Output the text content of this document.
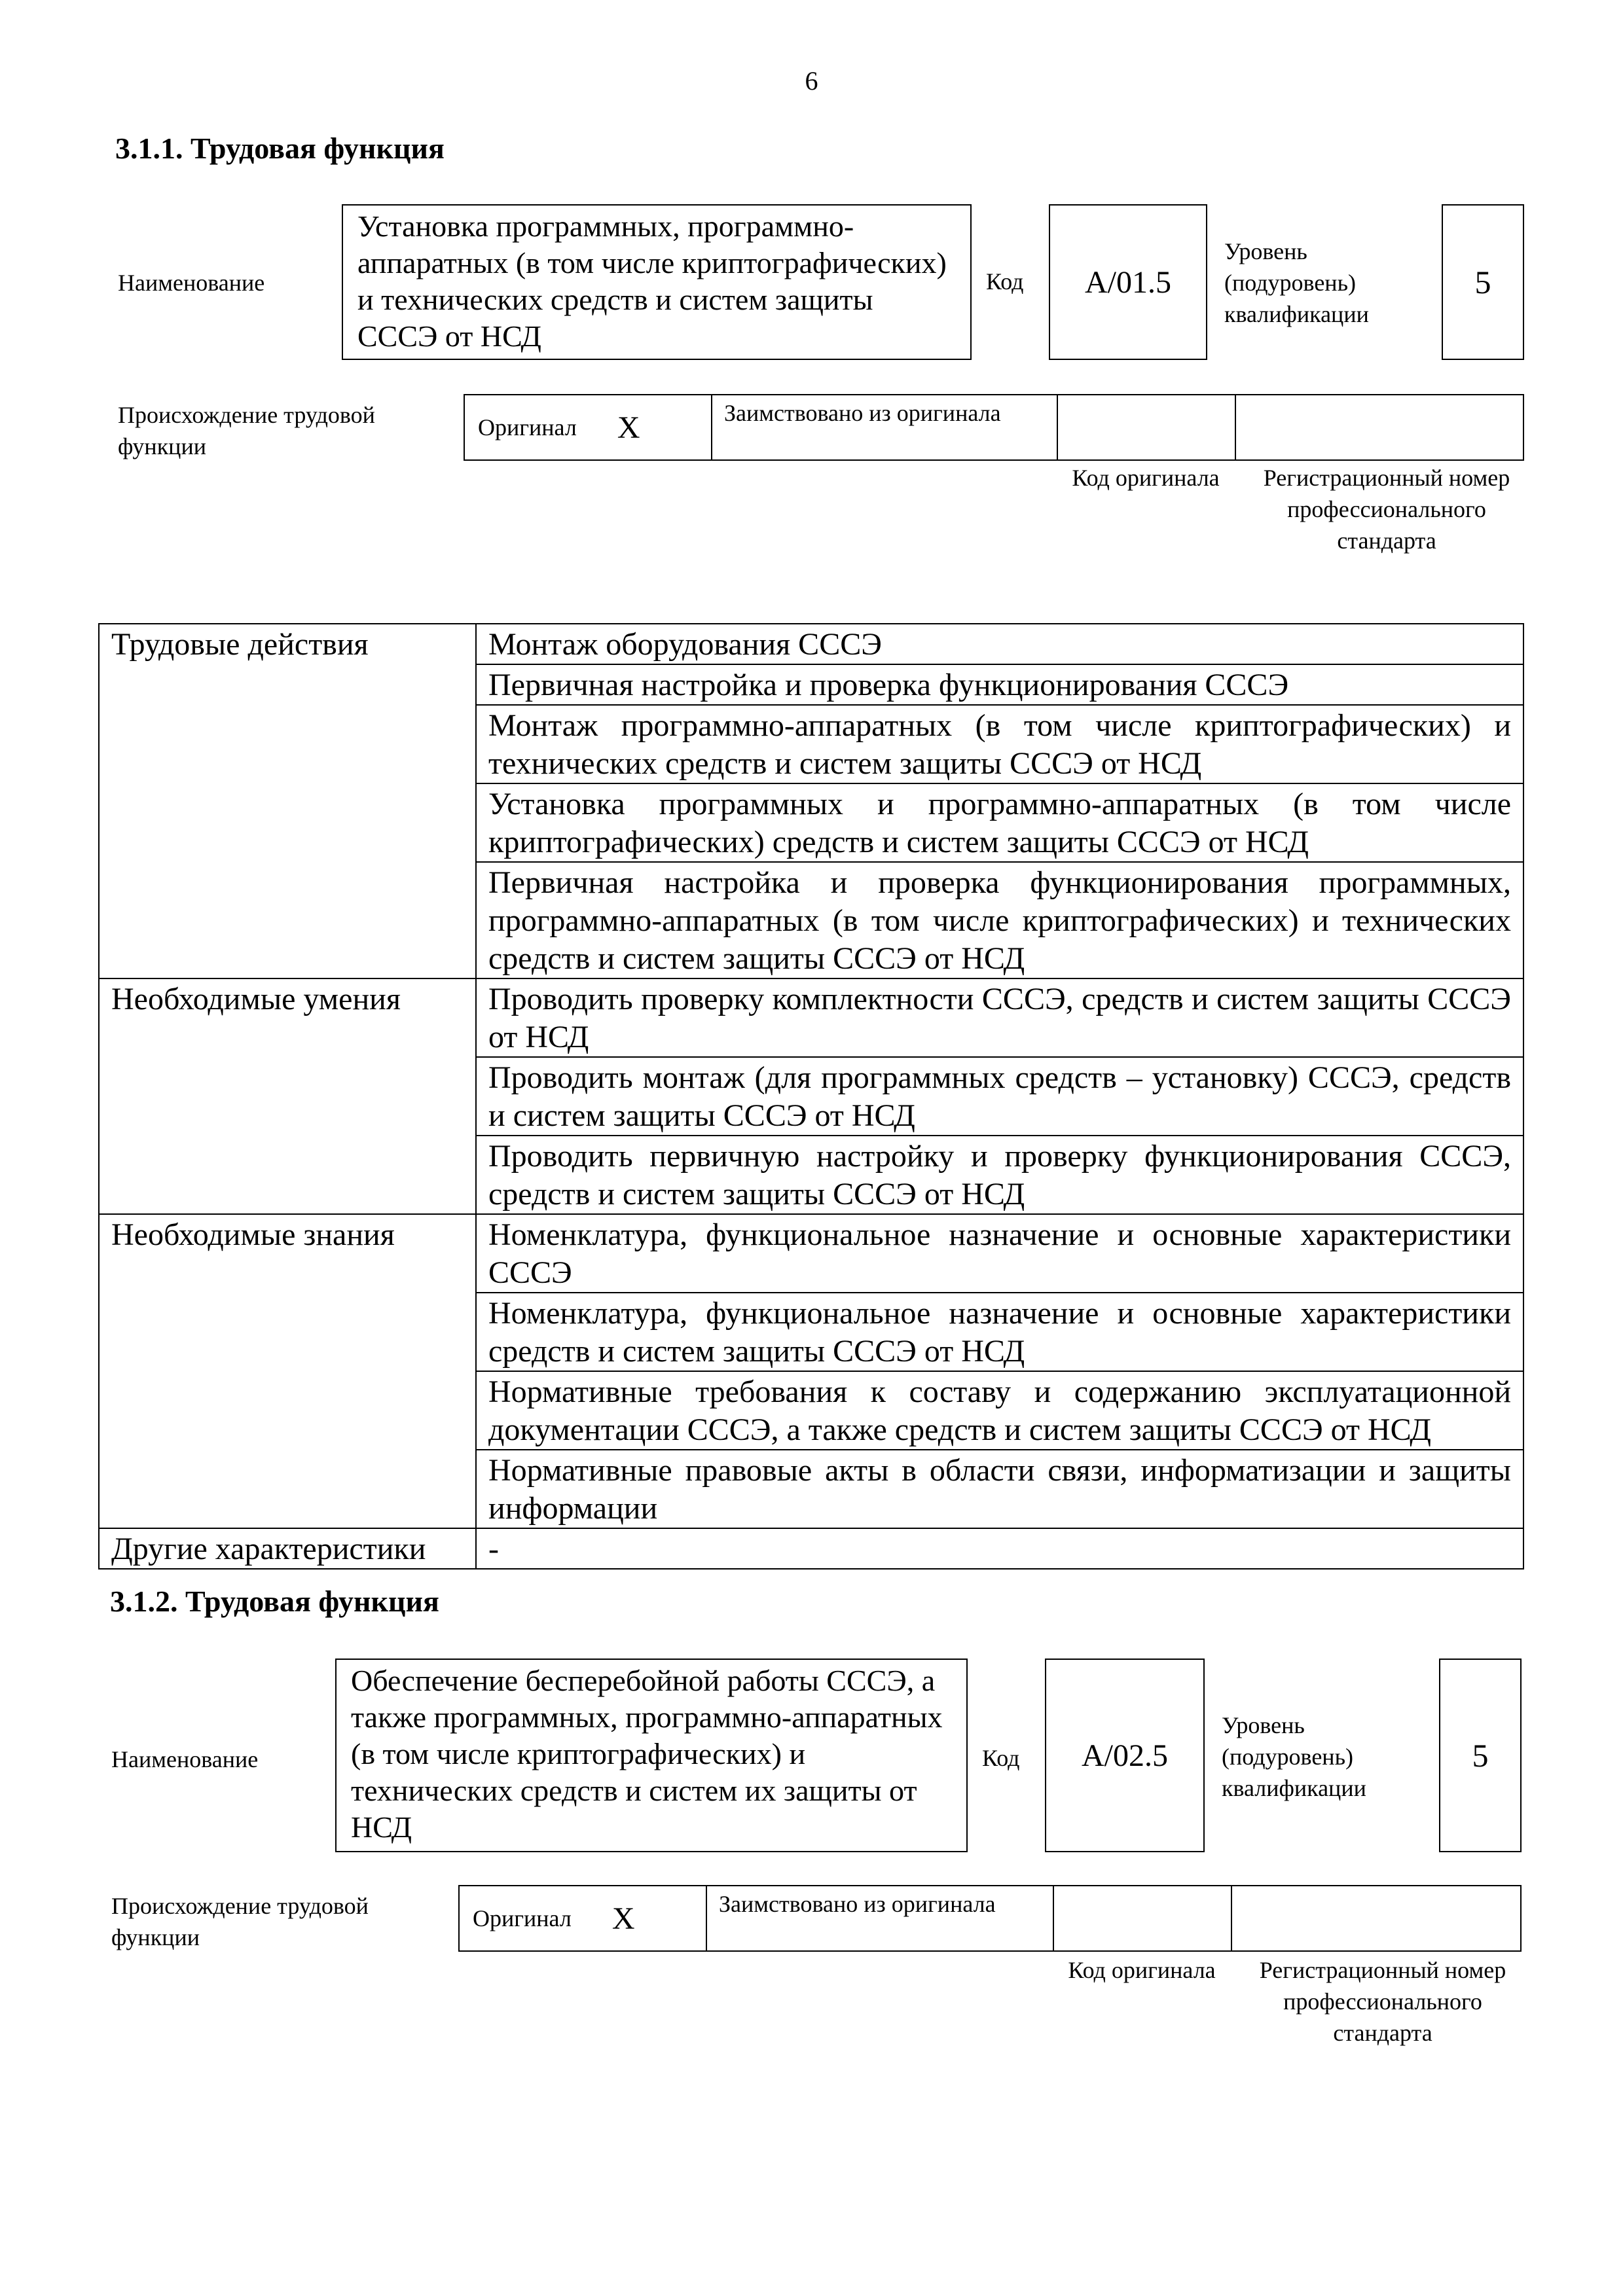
6
3.1.1. Трудовая функция
Наименование
Установка программных, программно-аппаратных (в том числе криптографических) и технических средств и систем защиты СССЭ от НСД
Код	А/01.5
Уровень (подуровень) квалификации
5
Происхождение трудовой функции
Оригинал X	Заимствовано из оригинала
Код оригинала	Регистрационный номер профессионального стандарта
Трудовые действия	Монтаж оборудования СССЭ
	Первичная настройка и проверка функционирования СССЭ
	Монтаж программно-аппаратных (в том числе криптографических) и технических средств и систем защиты СССЭ от НСД
	Установка программных и программно-аппаратных (в том числе криптографических) средств и систем защиты СССЭ от НСД
	Первичная настройка и проверка функционирования программных, программно-аппаратных (в том числе криптографических) и технических средств и систем защиты СССЭ от НСД
Необходимые умения	Проводить проверку комплектности СССЭ, средств и систем защиты СССЭ от НСД
	Проводить монтаж (для программных средств – установку) СССЭ, средств и систем защиты СССЭ от НСД
	Проводить первичную настройку и проверку функционирования СССЭ, средств и систем защиты СССЭ от НСД
Необходимые знания	Номенклатура, функциональное назначение и основные характеристики СССЭ
	Номенклатура, функциональное назначение и основные характеристики средств и систем защиты СССЭ от НСД
	Нормативные требования к составу и содержанию эксплуатационной документации СССЭ, а также средств и систем защиты СССЭ от НСД
	Нормативные правовые акты в области связи, информатизации и защиты информации
Другие характеристики	-
3.1.2. Трудовая функция
Наименование
Обеспечение бесперебойной работы СССЭ, а также программных, программно-аппаратных (в том числе криптографических) и технических средств и систем их защиты от НСД
Код	А/02.5
Уровень (подуровень) квалификации
5
Происхождение трудовой функции
Оригинал X	Заимствовано из оригинала
Код оригинала	Регистрационный номер профессионального стандарта
